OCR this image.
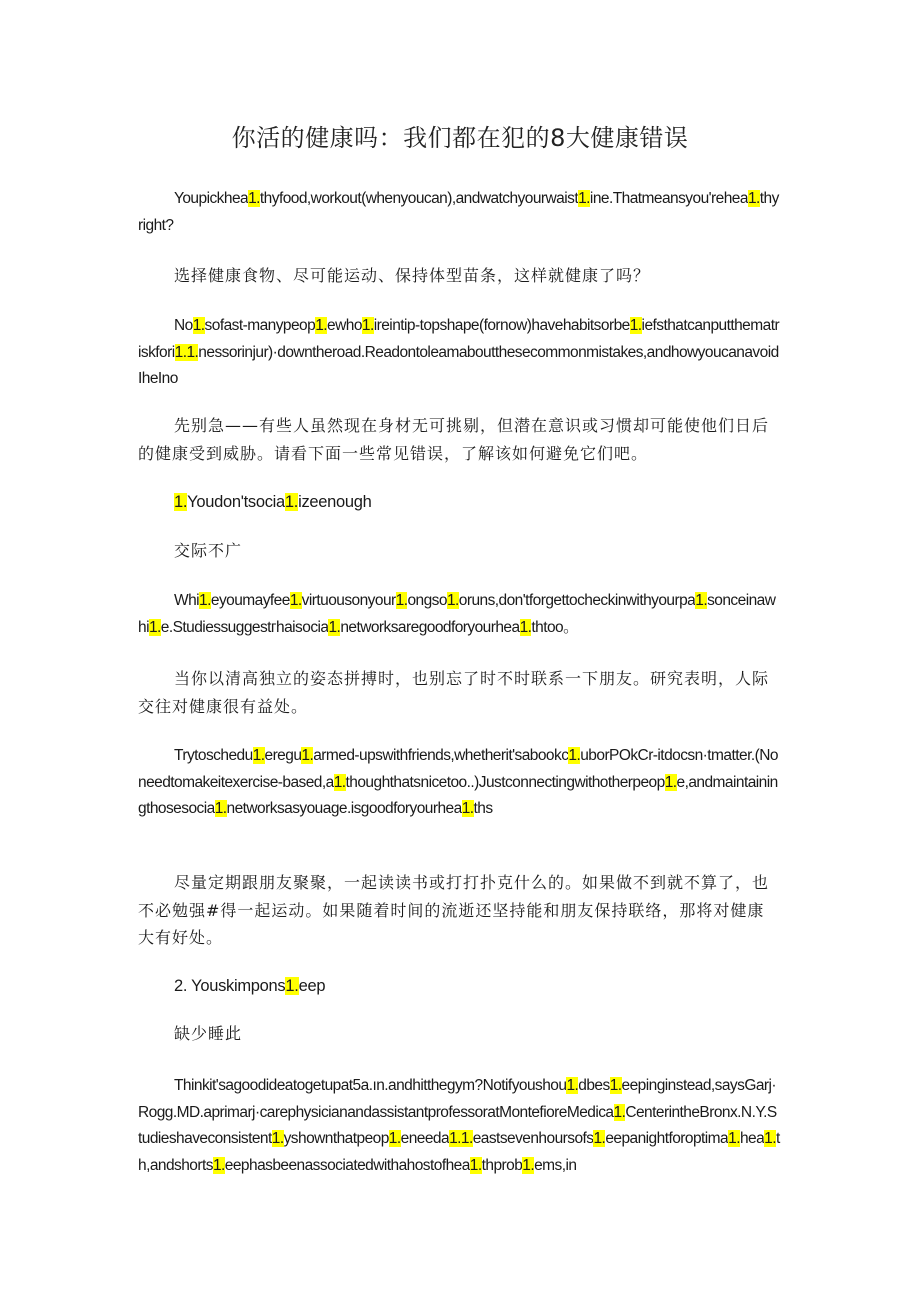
你活的健康吗：我们都在犯的8大健康错误

Youpickhea1.thyfood,workout(whenyoucan),andwatchyourwaist1.ine.Thatmeansyou'rehea1.thyright?

选择健康食物、尽可能运动、保持体型苗条，这样就健康了吗？

No1.sofast-manypeop1.ewho1.ireintip-topshape(fornow)havehabitsorbe1.iefsthatcanputthematriskfori1.1.nessorinjur)·downtheroad.Readontoleamaboutthesecommonmistakes,andhowyoucanavoidIheIno

先别急——有些人虽然现在身材无可挑剔，但潜在意识或习惯却可能使他们日后的健康受到威胁。请看下面一些常见错误，了解该如何避免它们吧。

1.Youdon'tsocia1.izeenough

交际不广

Whi1.eyoumayfee1.virtuousonyour1.ongso1.oruns,don'tforgettocheckinwithyourpa1.sonceinawhi1.e.Studiessuggestг‌haisocia1.networksaregoodforyourhea1.thtoo。

当你以清高独立的姿态拼搏时，也别忘了时不时联系一下朋友。研究表明，人际交往对健康很有益处。

Trytoschedu1.eregu1.armed-upswithfriends,whetherit'sabookc1.uborPOkCr-itdocsn·tmatter.(Noneedtomakeitexercise-based,a1.thoughthatsnicetoo..)Justconnectingwithotherpeop1.e,andmaintainingthosesocia1.networksasyouage.isgoodforyourhea1.ths

尽量定期跟朋友聚聚，一起读读书或打打扑克什么的。如果做不到就不算了，也不必勉强#得一起运动。如果随着时间的流逝还坚持能和朋友保持联络，那将对健康大有好处。

2. Youskimpons1.eep

缺少睡此

Thinkit'sagoodideatogetupat5a.ın.andhitthegym?Notifyoushou1.dbes1.eepinginstead,saysGarj·Rogg.MD.aprimarj·carephysicianandassistantprofessoratMontefioreMedica1.CenterintheBronx.N.Y.Studieshaveconsistent1.yshownthatpeop1.eneeda1.1.eastsevenhoursofs1.eepanightforoptima1.hea1.th,andshorts1.eephasbeenassociatedwithahostofhea1.thprob1.ems,in
